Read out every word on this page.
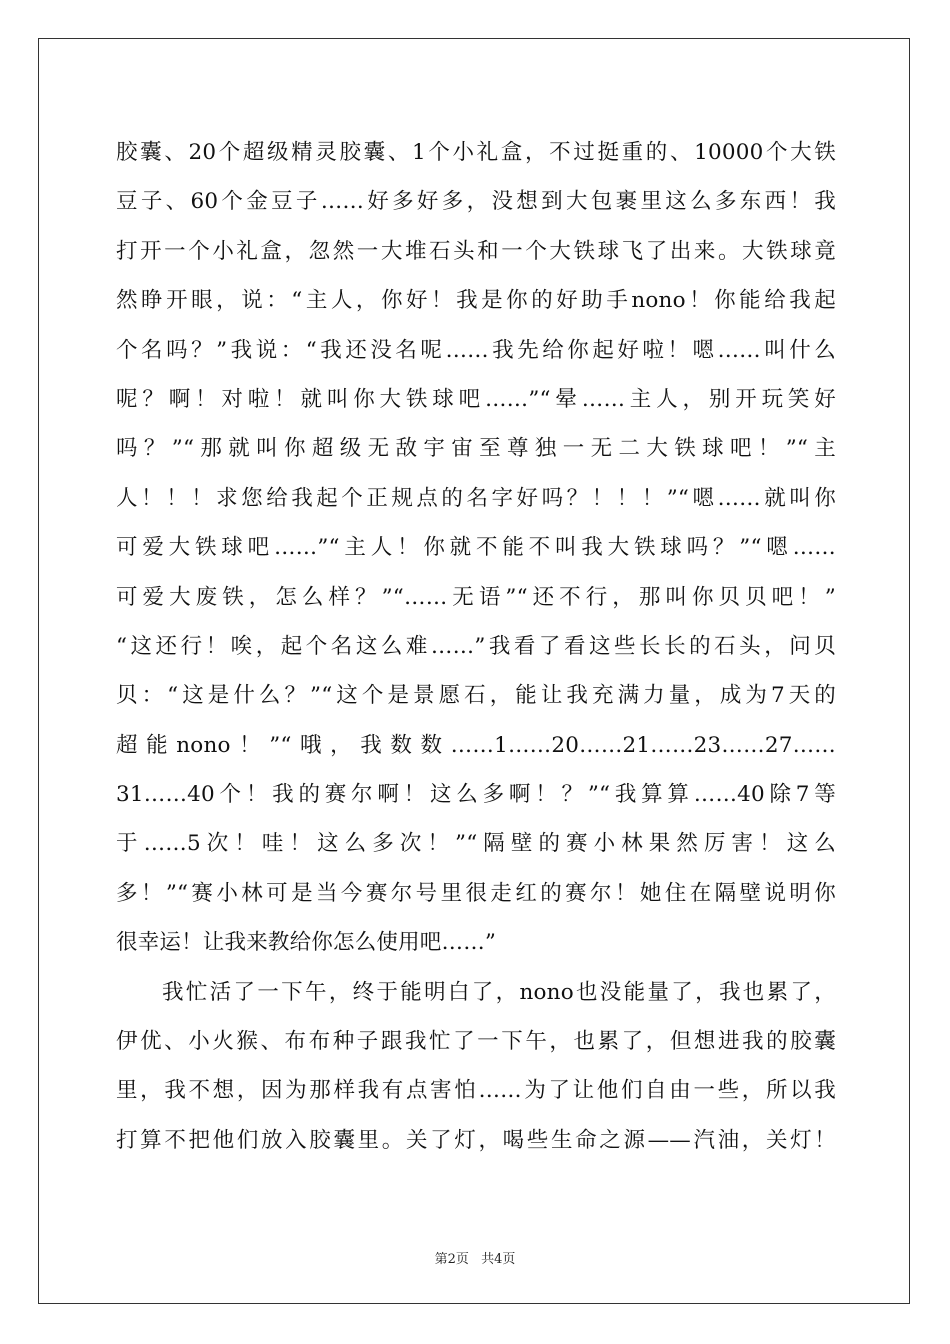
胶囊、20个超级精灵胶囊、1个小礼盒，不过挺重的、10000个大铁
豆子、60个金豆子……好多好多，没想到大包裹里这么多东西！我
打开一个小礼盒，忽然一大堆石头和一个大铁球飞了出来。大铁球竟
然睁开眼，说：“主人，你好！我是你的好助手nono！你能给我起
个名吗？”我说：“我还没名呢……我先给你起好啦！嗯……叫什么
呢？啊！对啦！就叫你大铁球吧……”“晕……主人，别开玩笑好
吗？”“那就叫你超级无敌宇宙至尊独一无二大铁球吧！”“主
人！！！求您给我起个正规点的名字好吗？！！！”“嗯……就叫你
可爱大铁球吧……”“主人！你就不能不叫我大铁球吗？”“嗯……
可爱大废铁，怎么样？”“……无语”“还不行，那叫你贝贝吧！”
“这还行！唉，起个名这么难……”我看了看这些长长的石头，问贝
贝：“这是什么？”“这个是景愿石，能让我充满力量，成为7天的
超能nono！”“哦，我数数……1……20……21……23……27……
31……40个！我的赛尔啊！这么多啊！？”“我算算……40除7等
于……5次！哇！这么多次！”“隔壁的赛小林果然厉害！这么
多！”“赛小林可是当今赛尔号里很走红的赛尔！她住在隔壁说明你
很幸运！让我来教给你怎么使用吧……”
我忙活了一下午，终于能明白了，nono也没能量了，我也累了，
伊优、小火猴、布布种子跟我忙了一下午，也累了，但想进我的胶囊
里，我不想，因为那样我有点害怕……为了让他们自由一些，所以我
打算不把他们放入胶囊里。关了灯，喝些生命之源——汽油，关灯！
第2页 共4页
